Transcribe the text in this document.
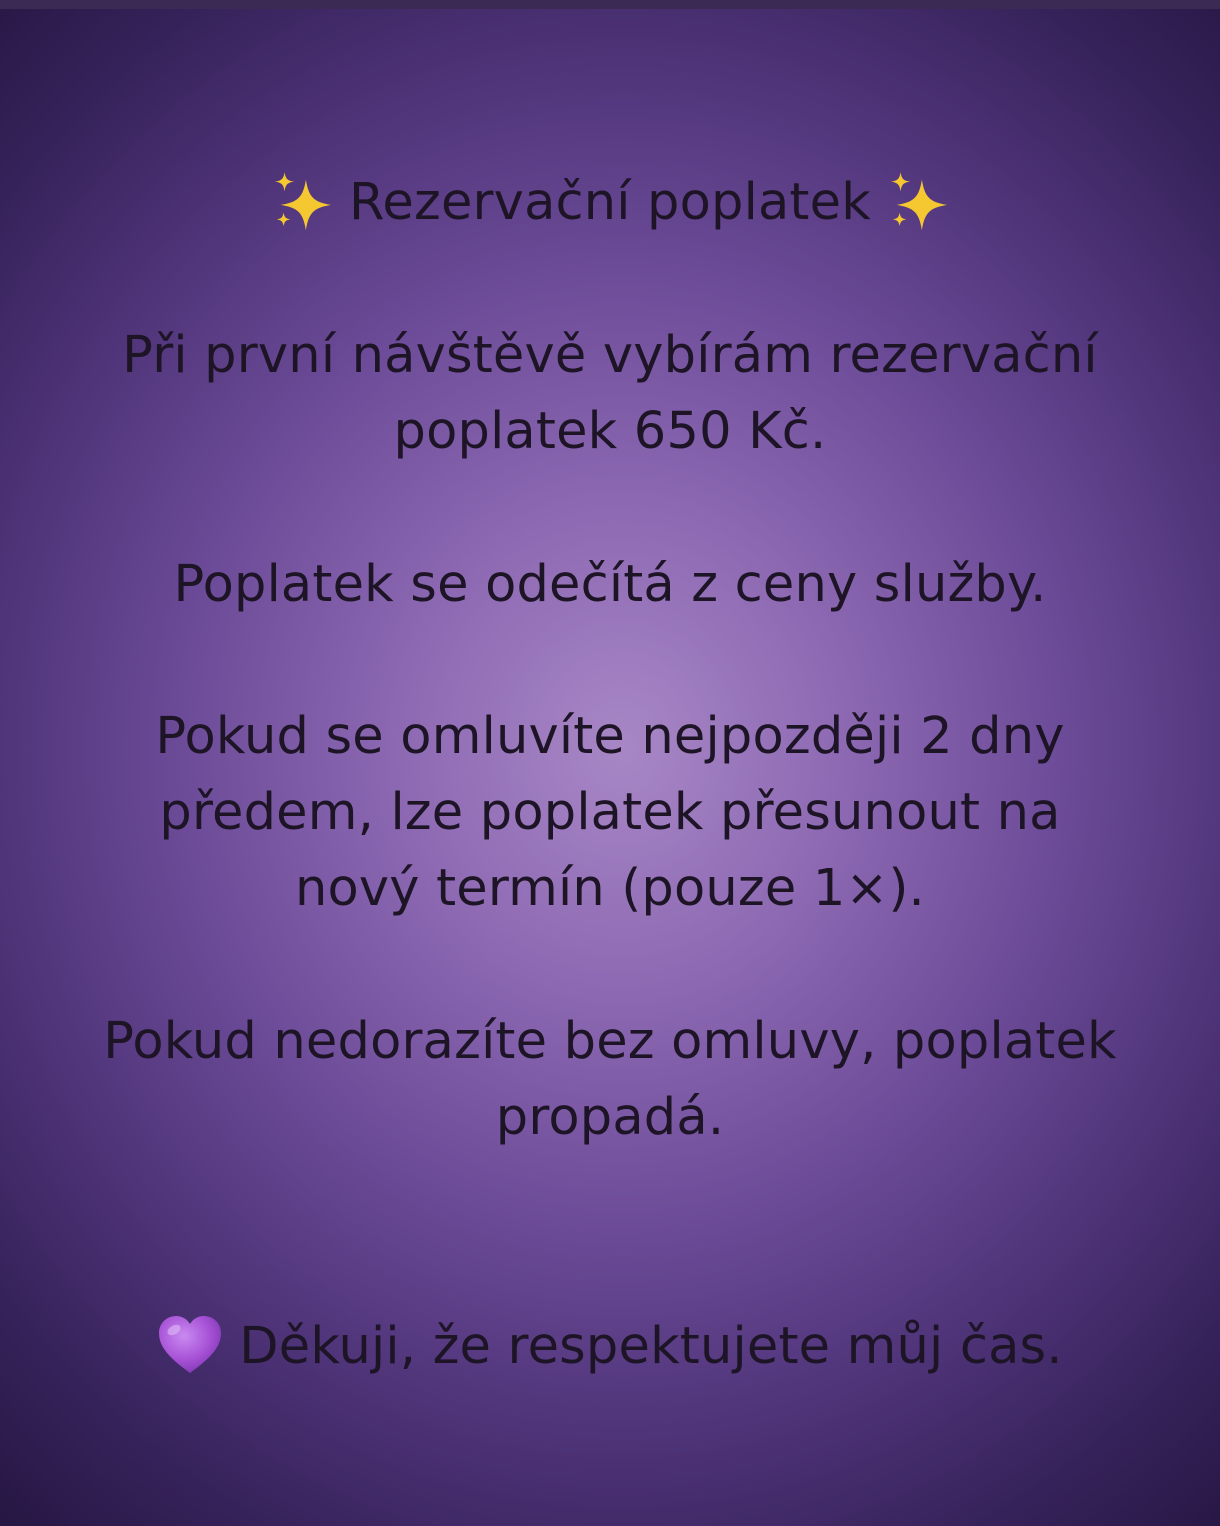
Rezervační poplatek
Při první návštěvě vybírám rezervační
poplatek 650 Kč.
Poplatek se odečítá z ceny služby.
Pokud se omluvíte nejpozději 2 dny
předem, lze poplatek přesunout na
nový termín (pouze 1×).
Pokud nedorazíte bez omluvy, poplatek
propadá.
Děkuji, že respektujete můj čas.
